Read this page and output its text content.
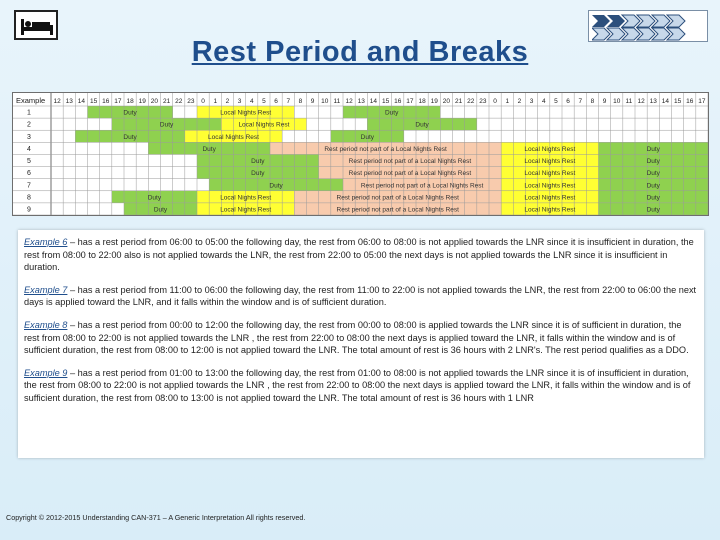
Rest Period and Breaks
Example 12 13 14 15 16 17 18 19 20 21 22 23 0 1 2 3 4 5 6 7 8 9 10 11 12 13 14 15 16 17 18 19 20 21 22 23 0 1 2 3 4 5 6 7 8 9 10 11 12 13 14 15 16 17
1	Duty	Local Nights Rest	Duty
2	Duty	Local Nights Rest	Duty
3	Duty	Local Nights Rest	Duty
4	Duty	Rest period not part of a Local Nights Rest	Local Nights Rest	Duty
5	Duty	Rest period not part of a Local Nights Rest	Local Nights Rest	Duty
6	Duty	Rest period not part of a Local Nights Rest	Local Nights Rest	Duty
7	Duty	Rest period not part of a Local Nights Rest	Local Nights Rest	Duty
8	Duty	Local Nights Rest	Rest period not part of a Local Nights Rest	Local Nights Rest	Duty
9	Duty	Local Nights Rest	Rest period not part of a Local Nights Rest	Local Nights Rest	Duty

Example 6 – has a rest period from 06:00 to 05:00 the following day, the rest from 06:00 to 08:00 is not applied towards the LNR since it is insufficient in duration, the rest from 08:00 to 22:00 also is not applied towards the LNR, the rest from 22:00 to 05:00 the next days is not applied towards the LNR since it is insufficient in duration.

Example 7 – has a rest period from 11:00 to 06:00 the following day, the rest from 11:00 to 22:00 is not applied towards the LNR, the rest from 22:00 to 06:00 the next days is applied toward the LNR, and it falls within the window and is of sufficient duration.

Example 8 – has a rest period from 00:00 to 12:00 the following day, the rest from 00:00 to 08:00 is applied towards the LNR since it is of sufficient in duration, the rest from 08:00 to 22:00 is not applied towards the LNR , the rest from 22:00 to 08:00 the next days is applied toward the LNR, it falls within the window and is of sufficient duration, the rest from 08:00 to 12:00 is not applied toward the LNR. The total amount of rest is 36 hours with 2 LNR's. The rest period qualifies as a DDO.

Example 9 – has a rest period from 01:00 to 13:00 the following day, the rest from 01:00 to 08:00 is not applied towards the LNR since it is of insufficient in duration, the rest from 08:00 to 22:00 is not applied towards the LNR , the rest from 22:00 to 08:00 the next days is applied toward the LNR, it falls within the window and is of sufficient duration, the rest from 08:00 to 13:00 is not applied toward the LNR. The total amount of rest is 36 hours with 1 LNR

Copyright © 2012-2015 Understanding CAN-371 – A Generic Interpretation All rights reserved.
